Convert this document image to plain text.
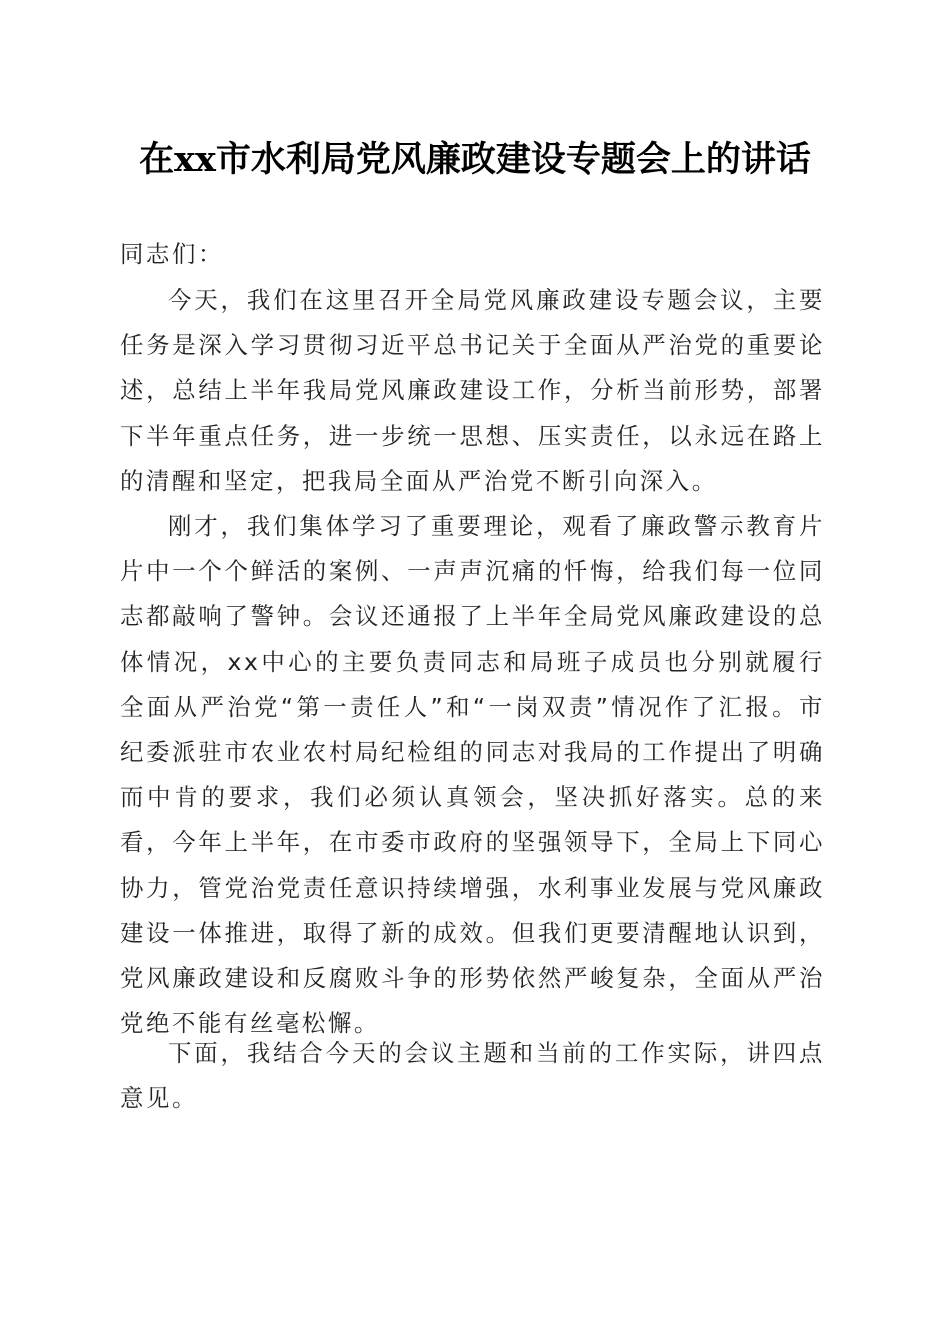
在xx市水利局党风廉政建设专题会上的讲话
同志们：

今天，我们在这里召开全局党风廉政建设专题会议，主要任务是深入学习贯彻习近平总书记关于全面从严治党的重要论述，总结上半年我局党风廉政建设工作，分析当前形势，部署下半年重点任务，进一步统一思想、压实责任，以永远在路上的清醒和坚定，把我局全面从严治党不断引向深入。

刚才，我们集体学习了重要理论，观看了廉政警示教育片片中一个个鲜活的案例、一声声沉痛的忏悔，给我们每一位同志都敲响了警钟。会议还通报了上半年全局党风廉政建设的总体情况，xx中心的主要负责同志和局班子成员也分别就履行全面从严治党“第一责任人”和“一岗双责”情况作了汇报。市纪委派驻市农业农村局纪检组的同志对我局的工作提出了明确而中肯的要求，我们必须认真领会，坚决抓好落实。总的来看，今年上半年，在市委市政府的坚强领导下，全局上下同心协力，管党治党责任意识持续增强，水利事业发展与党风廉政建设一体推进，取得了新的成效。但我们更要清醒地认识到，党风廉政建设和反腐败斗争的形势依然严峻复杂，全面从严治党绝不能有丝毫松懈。

下面，我结合今天的会议主题和当前的工作实际，讲四点意见。
